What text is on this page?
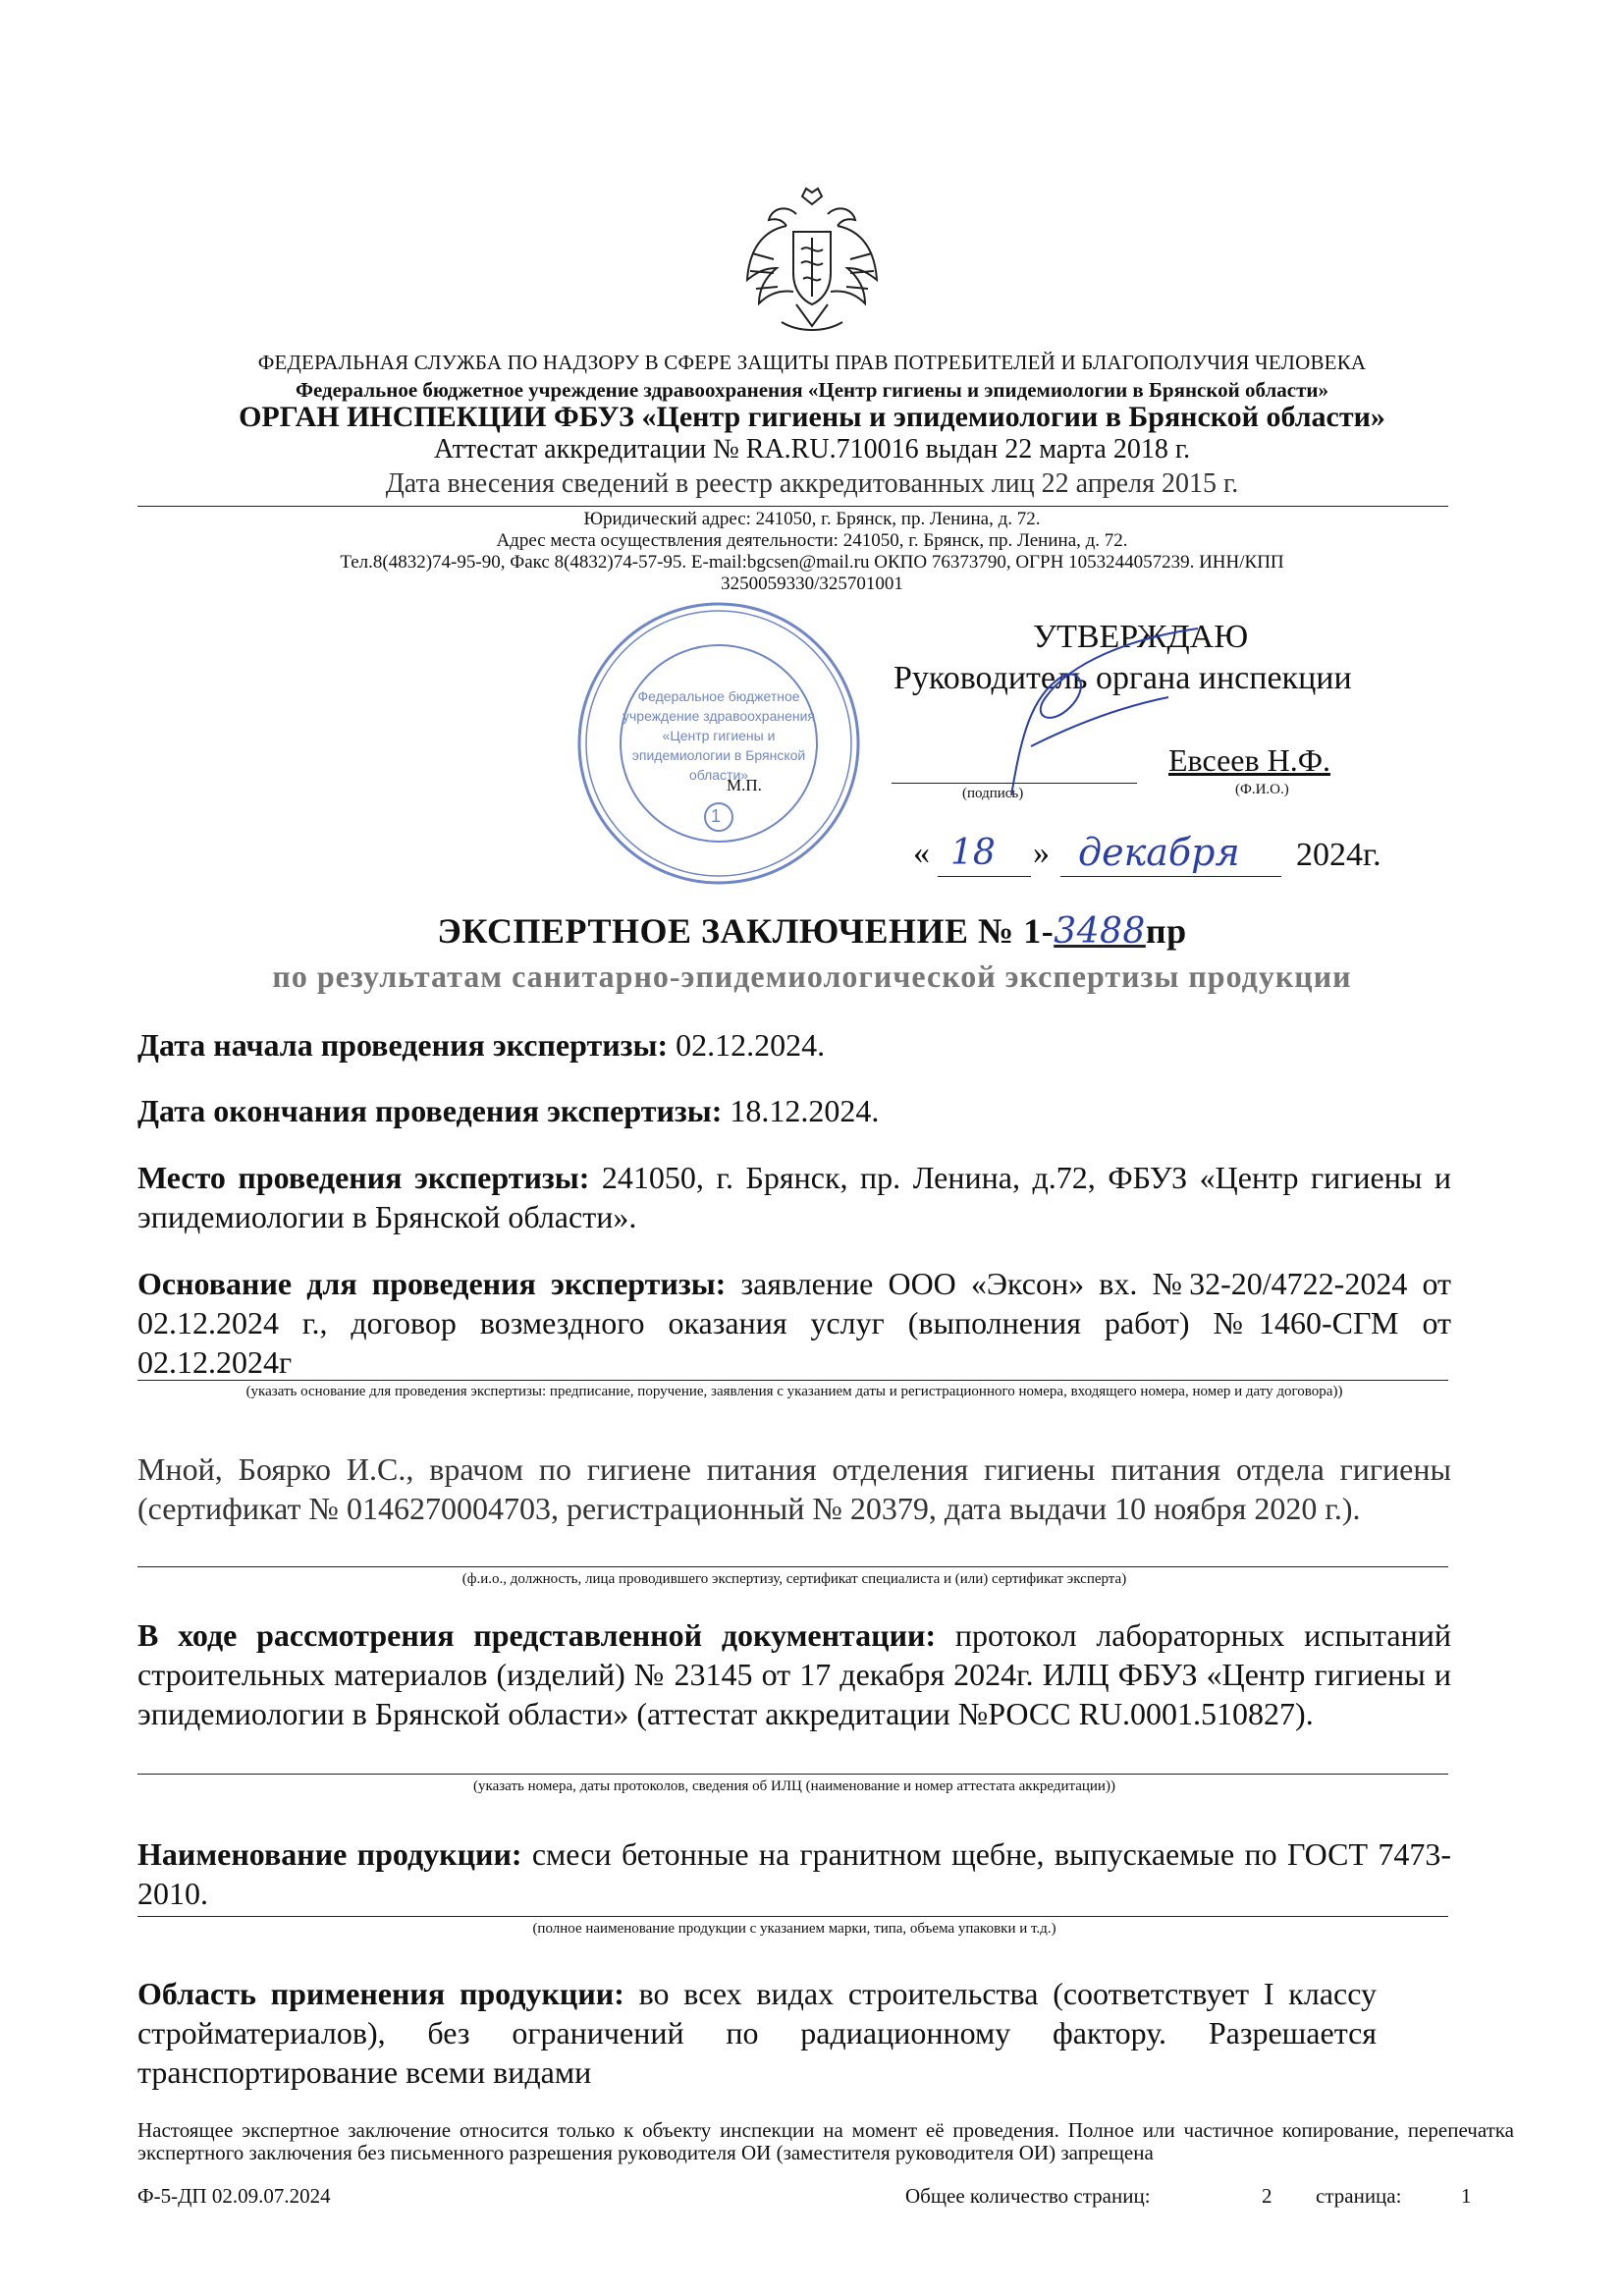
ФЕДЕРАЛЬНАЯ СЛУЖБА ПО НАДЗОРУ В СФЕРЕ ЗАЩИТЫ ПРАВ ПОТРЕБИТЕЛЕЙ И БЛАГОПОЛУЧИЯ ЧЕЛОВЕКА
Федеральное бюджетное учреждение здравоохранения «Центр гигиены и эпидемиологии в Брянской области»
ОРГАН ИНСПЕКЦИИ ФБУЗ «Центр гигиены и эпидемиологии в Брянской области»
Аттестат аккредитации № RA.RU.710016 выдан 22 марта 2018 г.
Дата внесения сведений в реестр аккредитованных лиц 22 апреля 2015 г.
Юридический адрес: 241050, г. Брянск, пр. Ленина, д. 72.
Адрес места осуществления деятельности: 241050, г. Брянск, пр. Ленина, д. 72.
Тел.8(4832)74-95-90, Факс 8(4832)74-57-95. E-mail:bgcsen@mail.ru ОКПО 76373790, ОГРН 1053244057239. ИНН/КПП
3250059330/325701001
Федеральное бюджетное
учреждение здравоохранения
«Центр гигиены и
эпидемиологии в Брянской
области»
1
УТВЕРЖДАЮ
Руководитель органа инспекции
Евсеев Н.Ф.
(подпись)	(Ф.И.О.)
М.П.
« 18 » декабря 2024г.
ЭКСПЕРТНОЕ ЗАКЛЮЧЕНИЕ № 1-3488пр
по результатам санитарно-эпидемиологической экспертизы продукции
Дата начала проведения экспертизы: 02.12.2024.
Дата окончания проведения экспертизы: 18.12.2024.
Место проведения экспертизы: 241050, г. Брянск, пр. Ленина, д.72, ФБУЗ «Центр гигиены и эпидемиологии в Брянской области».
Основание для проведения экспертизы: заявление ООО «Эксон» вх. №32-20/4722-2024 от 02.12.2024 г., договор возмездного оказания услуг (выполнения работ) №1460-СГМ от 02.12.2024г
(указать основание для проведения экспертизы: предписание, поручение, заявления с указанием даты и регистрационного номера, входящего номера, номер и дату договора))
Мной, Боярко И.С., врачом по гигиене питания отделения гигиены питания отдела гигиены (сертификат № 0146270004703, регистрационный № 20379, дата выдачи 10 ноября 2020 г.).
(ф.и.о., должность, лица проводившего экспертизу, сертификат специалиста и (или) сертификат эксперта)
В ходе рассмотрения представленной документации: протокол лабораторных испытаний строительных материалов (изделий) № 23145 от 17 декабря 2024г. ИЛЦ ФБУЗ «Центр гигиены и эпидемиологии в Брянской области» (аттестат аккредитации №РОСС RU.0001.510827).
(указать номера, даты протоколов, сведения об ИЛЦ (наименование и номер аттестата аккредитации))
Наименование продукции: смеси бетонные на гранитном щебне, выпускаемые по ГОСТ 7473-2010.
(полное наименование продукции с указанием марки, типа, объема упаковки и т.д.)
Область применения продукции: во всех видах строительства (соответствует I классу стройматериалов), без ограничений по радиационному фактору. Разрешается транспортирование всеми видами
Настоящее экспертное заключение относится только к объекту инспекции на момент её проведения. Полное или частичное копирование, перепечатка экспертного заключения без письменного разрешения руководителя ОИ (заместителя руководителя ОИ) запрещена
Ф-5-ДП 02.09.07.2024	Общее количество страниц:	2 страница:	1
